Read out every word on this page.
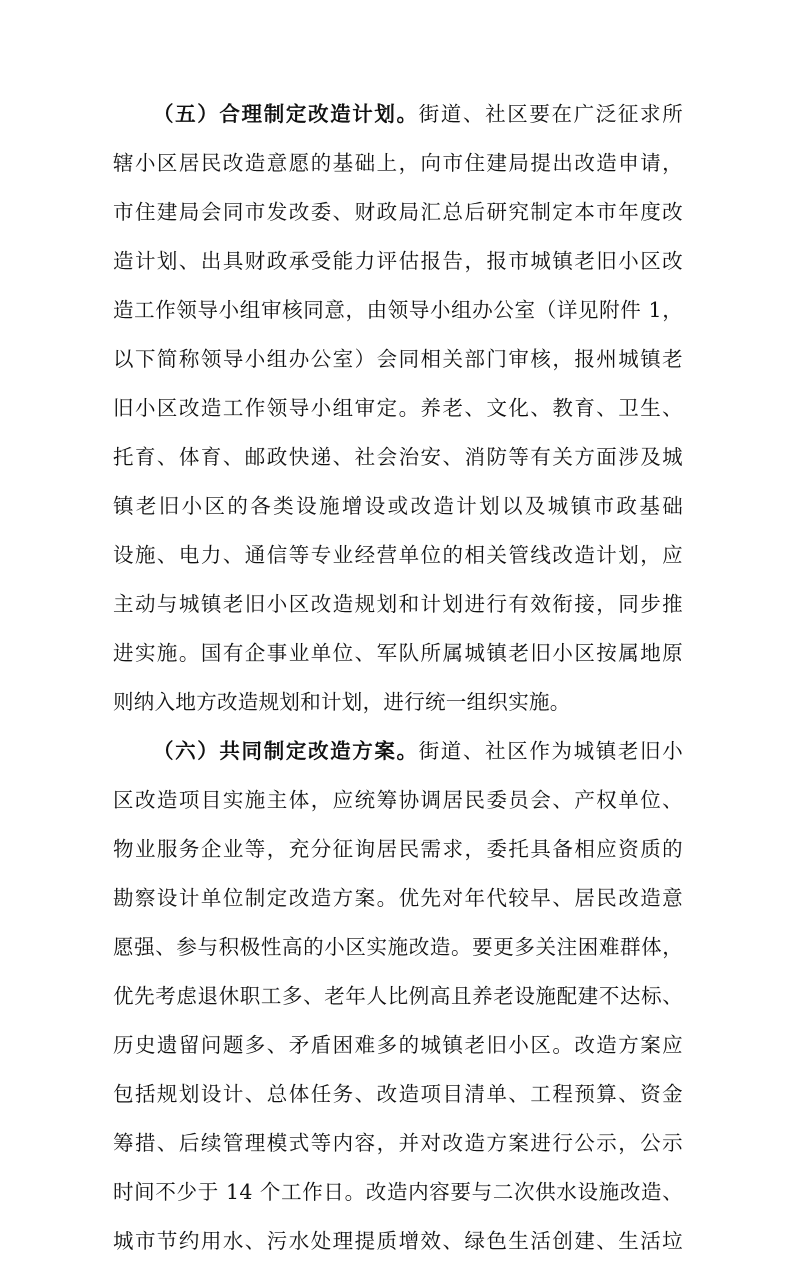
（五）合理制定改造计划。街道、社区要在广泛征求所
辖小区居民改造意愿的基础上，向市住建局提出改造申请，
市住建局会同市发改委、财政局汇总后研究制定本市年度改
造计划、出具财政承受能力评估报告，报市城镇老旧小区改
造工作领导小组审核同意，由领导小组办公室（详见附件 1，
以下简称领导小组办公室）会同相关部门审核，报州城镇老
旧小区改造工作领导小组审定。养老、文化、教育、卫生、
托育、体育、邮政快递、社会治安、消防等有关方面涉及城
镇老旧小区的各类设施增设或改造计划以及城镇市政基础
设施、电力、通信等专业经营单位的相关管线改造计划，应
主动与城镇老旧小区改造规划和计划进行有效衔接，同步推
进实施。国有企事业单位、军队所属城镇老旧小区按属地原
则纳入地方改造规划和计划，进行统一组织实施。
（六）共同制定改造方案。街道、社区作为城镇老旧小
区改造项目实施主体，应统筹协调居民委员会、产权单位、
物业服务企业等，充分征询居民需求，委托具备相应资质的
勘察设计单位制定改造方案。优先对年代较早、居民改造意
愿强、参与积极性高的小区实施改造。要更多关注困难群体，
优先考虑退休职工多、老年人比例高且养老设施配建不达标、
历史遗留问题多、矛盾困难多的城镇老旧小区。改造方案应
包括规划设计、总体任务、改造项目清单、工程预算、资金
筹措、后续管理模式等内容，并对改造方案进行公示，公示
时间不少于 14 个工作日。改造内容要与二次供水设施改造、
城市节约用水、污水处理提质增效、绿色生活创建、生活垃
